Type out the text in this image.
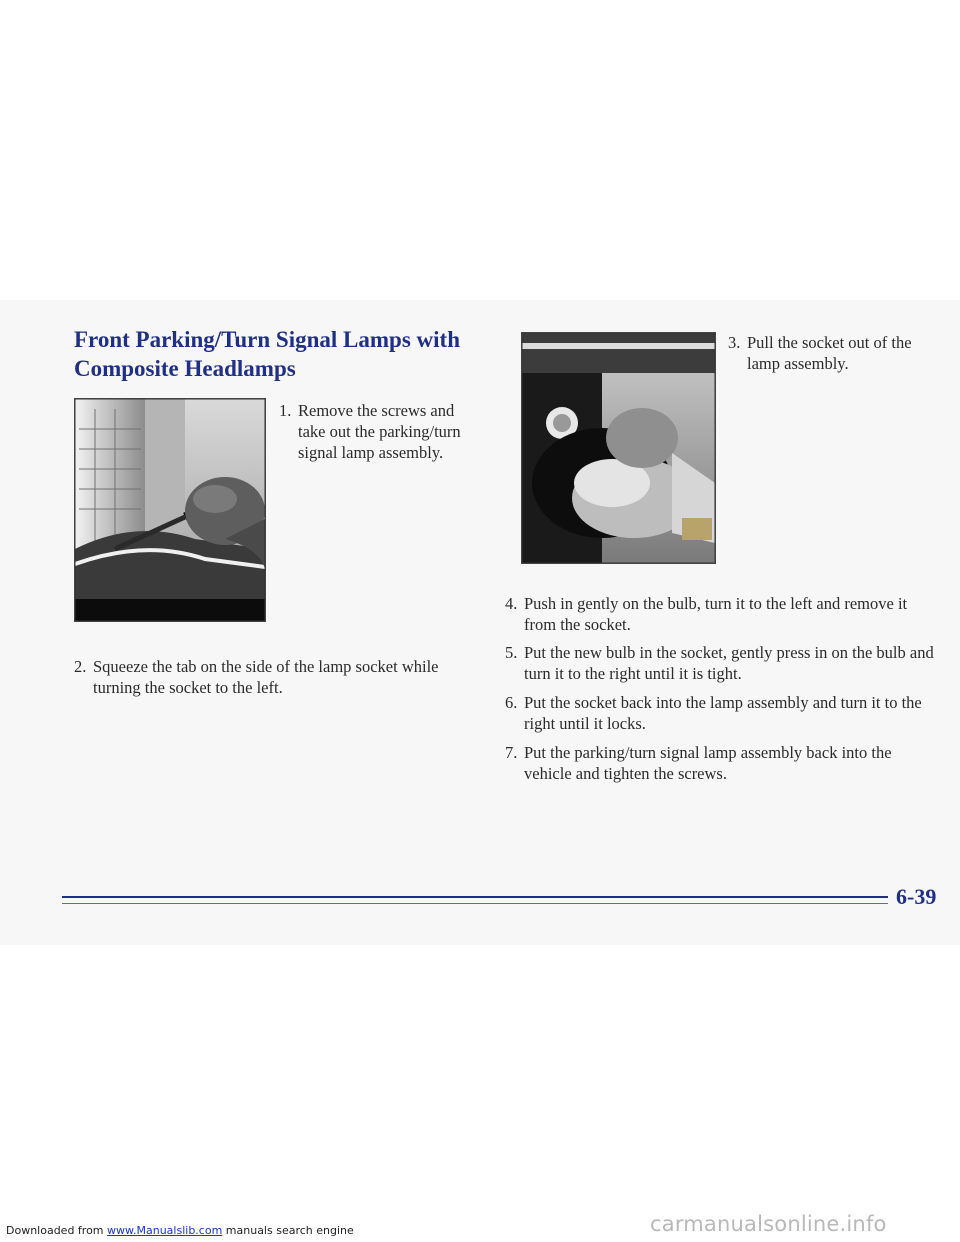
Front Parking/Turn Signal Lamps with
Composite Headlamps

1. Remove the screws and take out the parking/turn signal lamp assembly.

2. Squeeze the tab on the side of the lamp socket while turning the socket to the left.

3. Pull the socket out of the lamp assembly.

4. Push in gently on the bulb, turn it to the left and remove it from the socket.

5. Put the new bulb in the socket, gently press in on the bulb and turn it to the right until it is tight.

6. Put the socket back into the lamp assembly and turn it to the right until it locks.

7. Put the parking/turn signal lamp assembly back into the vehicle and tighten the screws.

6-39

carmanualsonline.info

Downloaded from www.Manualslib.com manuals search engine
